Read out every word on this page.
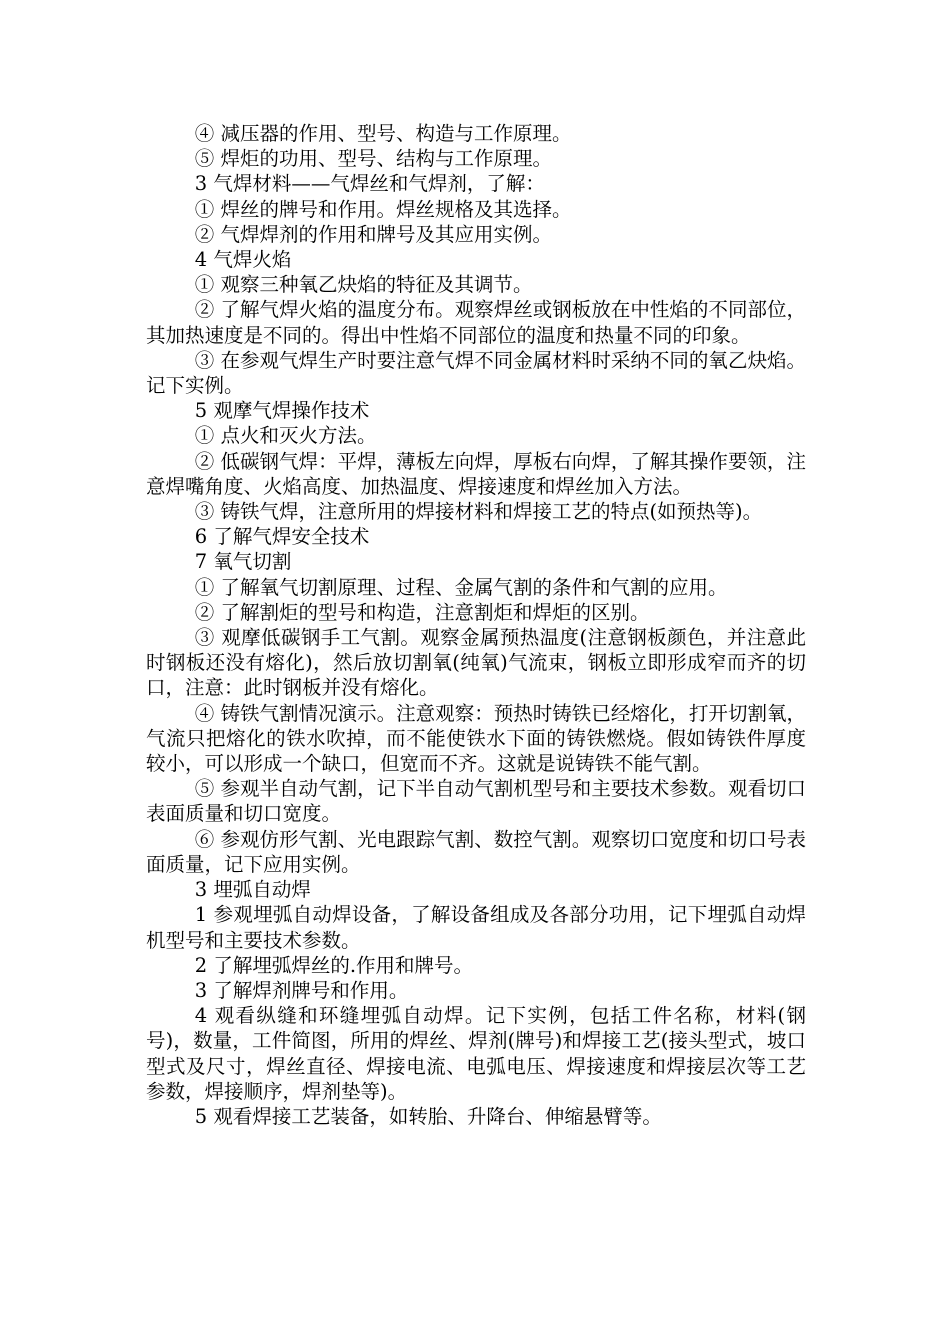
④ 减压器的作用、型号、构造与工作原理。

⑤ 焊炬的功用、型号、结构与工作原理。

3 气焊材料——气焊丝和气焊剂，了解：

① 焊丝的牌号和作用。焊丝规格及其选择。

② 气焊焊剂的作用和牌号及其应用实例。

4 气焊火焰

① 观察三种氧乙炔焰的特征及其调节。

② 了解气焊火焰的温度分布。观察焊丝或钢板放在中性焰的不同部位，其加热速度是不同的。得出中性焰不同部位的温度和热量不同的印象。

③ 在参观气焊生产时要注意气焊不同金属材料时采纳不同的氧乙炔焰。记下实例。

5 观摩气焊操作技术

① 点火和灭火方法。

② 低碳钢气焊：平焊，薄板左向焊，厚板右向焊，了解其操作要领，注意焊嘴角度、火焰高度、加热温度、焊接速度和焊丝加入方法。

③ 铸铁气焊，注意所用的焊接材料和焊接工艺的特点(如预热等)。

6 了解气焊安全技术

7 氧气切割

① 了解氧气切割原理、过程、金属气割的条件和气割的应用。

② 了解割炬的型号和构造，注意割炬和焊炬的区别。

③ 观摩低碳钢手工气割。观察金属预热温度(注意钢板颜色，并注意此时钢板还没有熔化)，然后放切割氧(纯氧)气流束，钢板立即形成窄而齐的切口，注意：此时钢板并没有熔化。

④ 铸铁气割情况演示。注意观察：预热时铸铁已经熔化，打开切割氧，气流只把熔化的铁水吹掉，而不能使铁水下面的铸铁燃烧。假如铸铁件厚度较小，可以形成一个缺口，但宽而不齐。这就是说铸铁不能气割。

⑤ 参观半自动气割，记下半自动气割机型号和主要技术参数。观看切口表面质量和切口宽度。

⑥ 参观仿形气割、光电跟踪气割、数控气割。观察切口宽度和切口号表面质量，记下应用实例。

3 埋弧自动焊

1 参观埋弧自动焊设备，了解设备组成及各部分功用，记下埋弧自动焊机型号和主要技术参数。

2 了解埋弧焊丝的.作用和牌号。

3 了解焊剂牌号和作用。

4 观看纵缝和环缝埋弧自动焊。记下实例，包括工件名称，材料(钢号)，数量，工件简图，所用的焊丝、焊剂(牌号)和焊接工艺(接头型式，坡口型式及尺寸，焊丝直径、焊接电流、电弧电压、焊接速度和焊接层次等工艺参数，焊接顺序，焊剂垫等)。

5 观看焊接工艺装备，如转胎、升降台、伸缩悬臂等。
